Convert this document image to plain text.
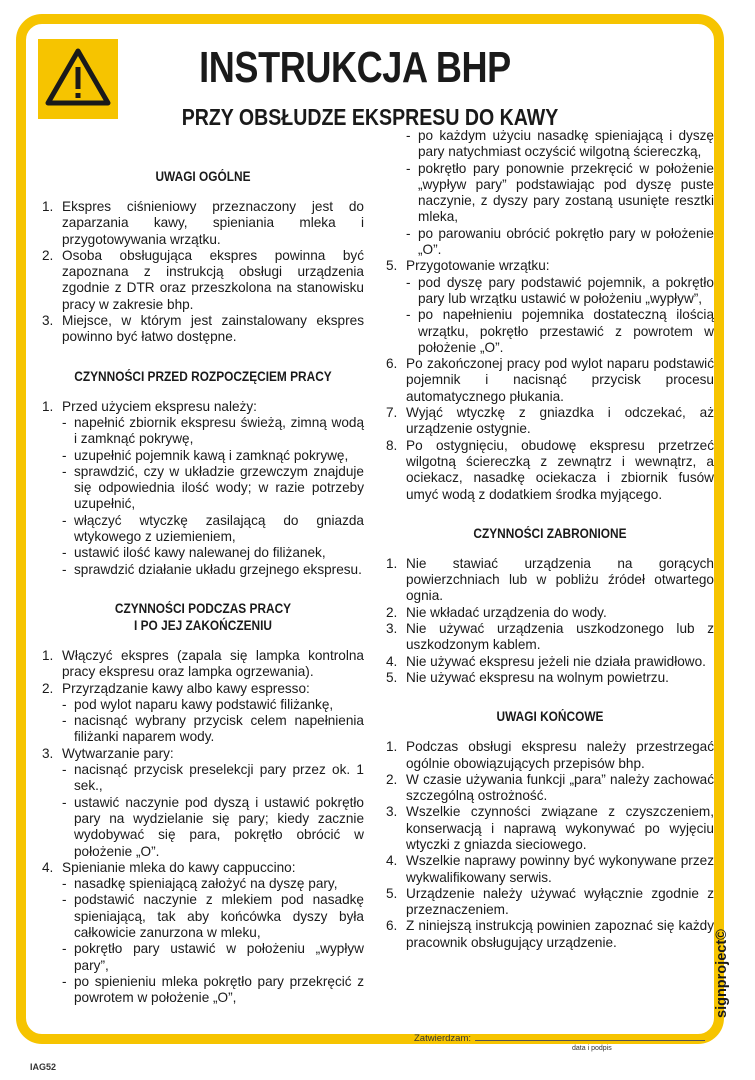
INSTRUKCJA BHP
PRZY OBSŁUDZE EKSPRESU DO KAWY
UWAGI OGÓLNE
1. Ekspres ciśnieniowy przeznaczony jest do zaparzania kawy, spieniania mleka i przygotowywania wrzątku.
2. Osoba obsługująca ekspres powinna być zapoznana z instrukcją obsługi urządzenia zgodnie z DTR oraz przeszkolona na stanowisku pracy w zakresie bhp.
3. Miejsce, w którym jest zainstalowany ekspres powinno być łatwo dostępne.
CZYNNOŚCI PRZED ROZPOCZĘCIEM PRACY
1. Przed użyciem ekspresu należy:
- napełnić zbiornik ekspresu świeżą, zimną wodą i zamknąć pokrywę,
- uzupełnić pojemnik kawą i zamknąć pokrywę,
- sprawdzić, czy w układzie grzewczym znajduje się odpowiednia ilość wody; w razie potrzeby uzupełnić,
- włączyć wtyczkę zasilającą do gniazda wtykowego z uziemieniem,
- ustawić ilość kawy nalewanej do filiżanek,
- sprawdzić działanie układu grzejnego ekspresu.
CZYNNOŚCI PODCZAS PRACY
I PO JEJ ZAKOŃCZENIU
1. Włączyć ekspres (zapala się lampka kontrolna pracy ekspresu oraz lampka ogrzewania).
2. Przyrządzanie kawy albo kawy espresso:
- pod wylot naparu kawy podstawić filiżankę,
- nacisnąć wybrany przycisk celem napełnienia filiżanki naparem wody.
3. Wytwarzanie pary:
- nacisnąć przycisk preselekcji pary przez ok. 1 sek.,
- ustawić naczynie pod dyszą i ustawić pokrętło pary na wydzielanie się pary; kiedy zacznie wydobywać się para, pokrętło obrócić w położenie „O”.
4. Spienianie mleka do kawy cappuccino:
- nasadkę spieniającą założyć na dyszę pary,
- podstawić naczynie z mlekiem pod nasadkę spieniającą, tak aby końcówka dyszy była całkowicie zanurzona w mleku,
- pokrętło pary ustawić w położeniu „wypływ pary”,
- po spienieniu mleka pokrętło pary przekręcić z powrotem w położenie „O”,
- po każdym użyciu nasadkę spieniającą i dyszę pary natychmiast oczyścić wilgotną ściereczką,
- pokrętło pary ponownie przekręcić w położenie „wypływ pary” podstawiając pod dyszę puste naczynie, z dyszy pary zostaną usunięte resztki mleka,
- po parowaniu obrócić pokrętło pary w położenie „O”.
5. Przygotowanie wrzątku:
- pod dyszę pary podstawić pojemnik, a pokrętło pary lub wrzątku ustawić w położeniu „wypływ”,
- po napełnieniu pojemnika dostateczną ilością wrzątku, pokrętło przestawić z powrotem w położenie „O”.
6. Po zakończonej pracy pod wylot naparu podstawić pojemnik i nacisnąć przycisk procesu automatycznego płukania.
7. Wyjąć wtyczkę z gniazdka i odczekać, aż urządzenie ostygnie.
8. Po ostygnięciu, obudowę ekspresu przetrzeć wilgotną ściereczką z zewnątrz i wewnątrz, a ociekacz, nasadkę ociekacza i zbiornik fusów umyć wodą z dodatkiem środka myjącego.
CZYNNOŚCI ZABRONIONE
1. Nie stawiać urządzenia na gorących powierzchniach lub w pobliżu źródeł otwartego ognia.
2. Nie wkładać urządzenia do wody.
3. Nie używać urządzenia uszkodzonego lub z uszkodzonym kablem.
4. Nie używać ekspresu jeżeli nie działa prawidłowo.
5. Nie używać ekspresu na wolnym powietrzu.
UWAGI KOŃCOWE
1. Podczas obsługi ekspresu należy przestrzegać ogólnie obowiązujących przepisów bhp.
2. W czasie używania funkcji „para” należy zachować szczególną ostrożność.
3. Wszelkie czynności związane z czyszczeniem, konserwacją i naprawą wykonywać po wyjęciu wtyczki z gniazda sieciowego.
4. Wszelkie naprawy powinny być wykonywane przez wykwalifikowany serwis.
5. Urządzenie należy używać wyłącznie zgodnie z przeznaczeniem.
6. Z niniejszą instrukcją powinien zapoznać się każdy pracownik obsługujący urządzenie.
Zatwierdzam:
data i podpis
IAG52
signproject©
